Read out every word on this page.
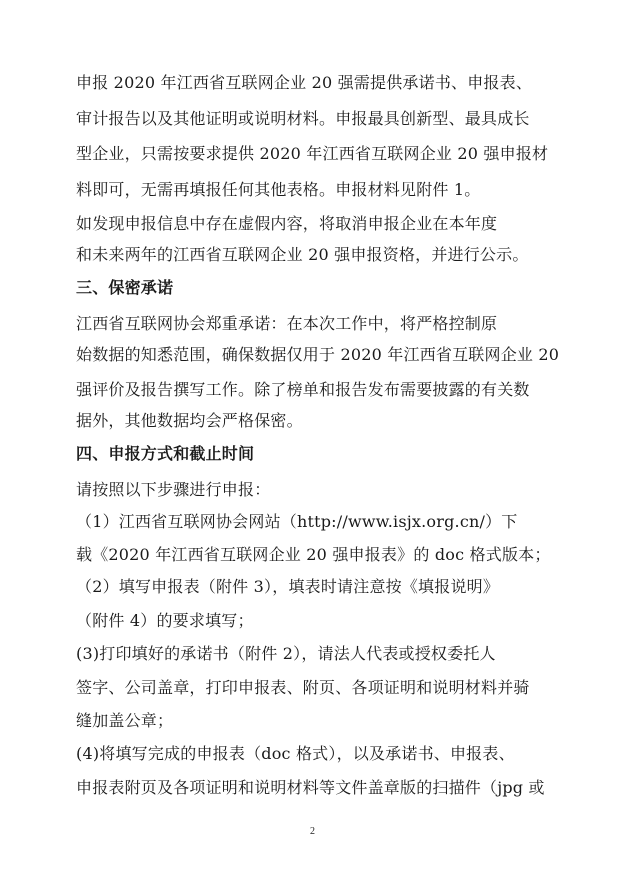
申报 2020 年江西省互联网企业 20 强需提供承诺书、申报表、
审计报告以及其他证明或说明材料。申报最具创新型、最具成长
型企业，只需按要求提供 2020 年江西省互联网企业 20 强申报材
料即可，无需再填报任何其他表格。申报材料见附件 1。
如发现申报信息中存在虚假内容，将取消申报企业在本年度
和未来两年的江西省互联网企业 20 强申报资格，并进行公示。
三、保密承诺
江西省互联网协会郑重承诺：在本次工作中，将严格控制原
始数据的知悉范围，确保数据仅用于 2020 年江西省互联网企业 20
强评价及报告撰写工作。除了榜单和报告发布需要披露的有关数
据外，其他数据均会严格保密。
四、申报方式和截止时间
请按照以下步骤进行申报：
（1）江西省互联网协会网站（http://www.isjx.org.cn/）下
载《2020 年江西省互联网企业 20 强申报表》的 doc 格式版本；
（2）填写申报表（附件 3），填表时请注意按《填报说明》
（附件 4）的要求填写；
(3)打印填好的承诺书（附件 2），请法人代表或授权委托人
签字、公司盖章，打印申报表、附页、各项证明和说明材料并骑
缝加盖公章；
(4)将填写完成的申报表（doc 格式），以及承诺书、申报表、
申报表附页及各项证明和说明材料等文件盖章版的扫描件（jpg 或
2
